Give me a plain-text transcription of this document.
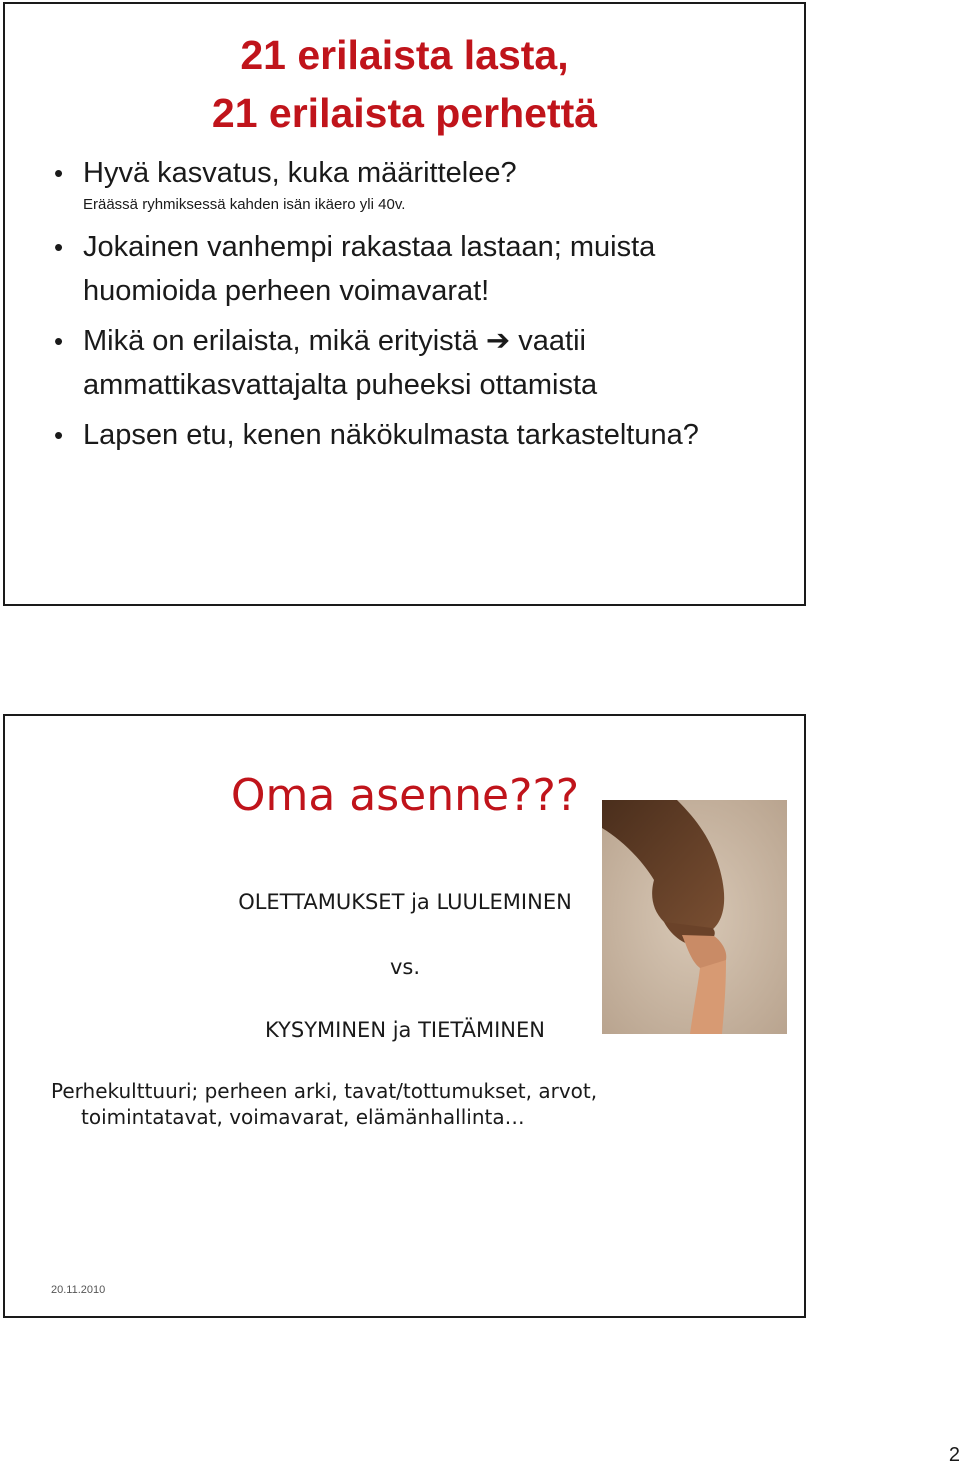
21 erilaista lasta,
21 erilaista perhettä
• Hyvä kasvatus, kuka määrittelee?
Eräässä ryhmiksessä kahden isän ikäero yli 40v.
• Jokainen vanhempi rakastaa lastaan; muista huomioida perheen voimavarat!
• Mikä on erilaista, mikä erityistä ➔ vaatii ammattikasvattajalta puheeksi ottamista
• Lapsen etu, kenen näkökulmasta tarkasteltuna?
Oma asenne???
OLETTAMUKSET ja LUULEMINEN
vs.
KYSYMINEN ja TIETÄMINEN
Perhekulttuuri; perheen arki, tavat/tottumukset, arvot,
toimintatavat, voimavarat, elämänhallinta…
20.11.2010
2
